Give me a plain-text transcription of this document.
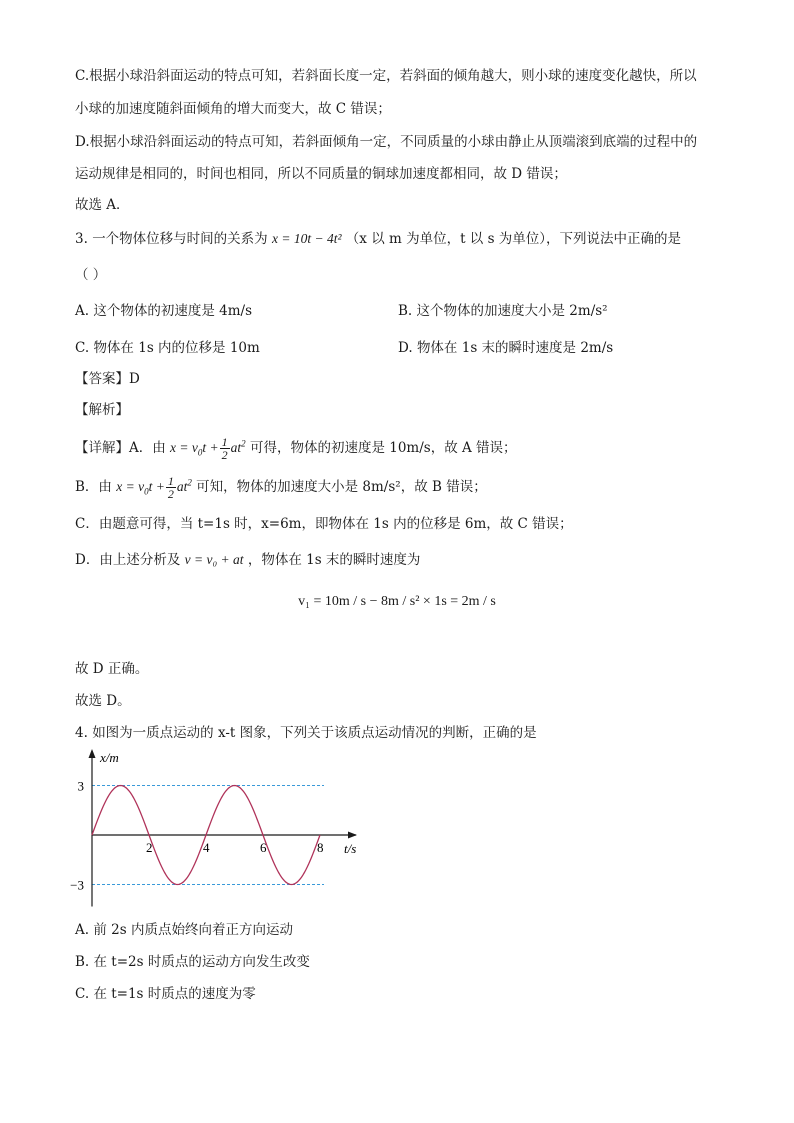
C.根据小球沿斜面运动的特点可知，若斜面长度一定，若斜面的倾角越大，则小球的速度变化越快，所以
小球的加速度随斜面倾角的增大而变大，故 C 错误；
D.根据小球沿斜面运动的特点可知，若斜面倾角一定，不同质量的小球由静止从顶端滚到底端的过程中的
运动规律是相同的，时间也相同，所以不同质量的铜球加速度都相同，故 D 错误；
故选 A．
3. 一个物体位移与时间的关系为 x = 10t − 4t² （x 以 m 为单位，t 以 s 为单位），下列说法中正确的是
（ ）
A. 这个物体的初速度是 4m/s	B. 这个物体的加速度大小是 2m/s²
C. 物体在 1s 内的位移是 10m	D. 物体在 1s 末的瞬时速度是 2m/s
【答案】D
【解析】
【详解】A．由 $x = v_0t + \frac{1}{2} at^2$ 可得，物体的初速度是 10m/s，故 A 错误；
B．由 $x = v_0t + \frac{1}{2} at^2$ 可知，物体的加速度大小是 8m/s²，故 B 错误；
C．由题意可得，当 t=1s 时，x=6m，即物体在 1s 内的位移是 6m，故 C 错误；
D．由上述分析及 v = v₀ + at ，物体在 1s 末的瞬时速度为
v₁ = 10m / s − 8m / s² × 1s = 2m / s
故 D 正确。
故选 D。
4. 如图为一质点运动的 x-t 图象，下列关于该质点运动情况的判断，正确的是
x/m
t/s
2	4	6	8
3
−3
A. 前 2s 内质点始终向着正方向运动
B. 在 t=2s 时质点的运动方向发生改变
C. 在 t=1s 时质点的速度为零
